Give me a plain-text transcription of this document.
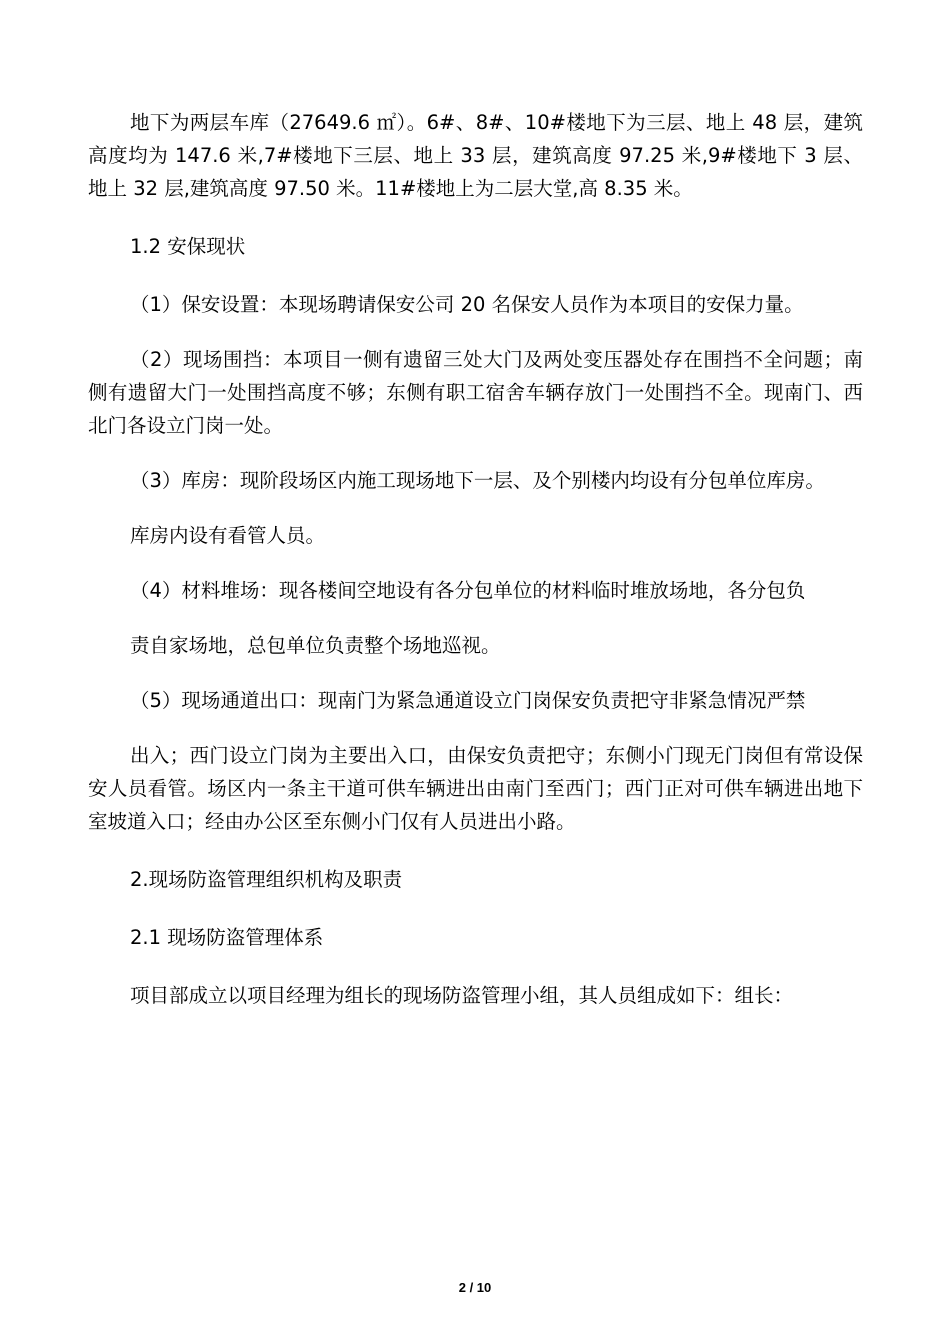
地下为两层车库（27649.6 ㎡）。6#、8#、10#楼地下为三层、地上 48 层，建筑高度均为 147.6 米,7#楼地下三层、地上 33 层，建筑高度 97.25 米,9#楼地下 3 层、地上 32 层,建筑高度 97.50 米。11#楼地上为二层大堂,高 8.35 米。

1.2 安保现状

（1）保安设置：本现场聘请保安公司 20 名保安人员作为本项目的安保力量。

（2）现场围挡：本项目一侧有遗留三处大门及两处变压器处存在围挡不全问题；南侧有遗留大门一处围挡高度不够；东侧有职工宿舍车辆存放门一处围挡不全。现南门、西北门各设立门岗一处。

（3）库房：现阶段场区内施工现场地下一层、及个别楼内均设有分包单位库房。

库房内设有看管人员。

（4）材料堆场：现各楼间空地设有各分包单位的材料临时堆放场地，各分包负

责自家场地，总包单位负责整个场地巡视。

（5）现场通道出口：现南门为紧急通道设立门岗保安负责把守非紧急情况严禁

出入；西门设立门岗为主要出入口，由保安负责把守；东侧小门现无门岗但有常设保安人员看管。场区内一条主干道可供车辆进出由南门至西门；西门正对可供车辆进出地下室坡道入口；经由办公区至东侧小门仅有人员进出小路。

2.现场防盗管理组织机构及职责

2.1 现场防盗管理体系

项目部成立以项目经理为组长的现场防盗管理小组，其人员组成如下：组长：

2 / 10
